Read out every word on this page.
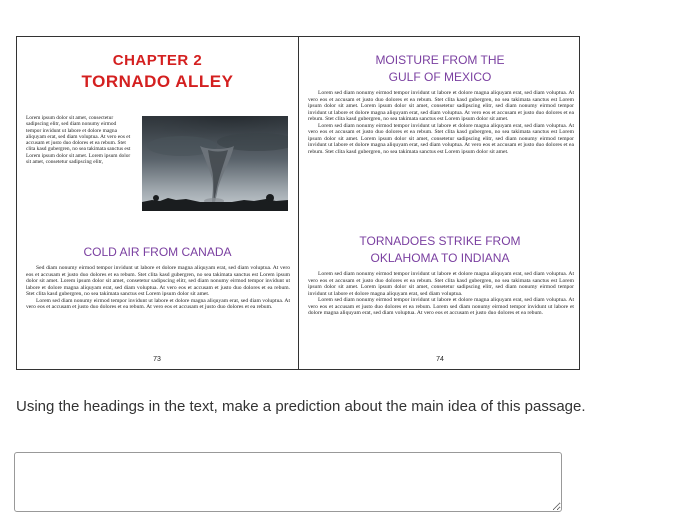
CHAPTER 2
TORNADO ALLEY

Lorem ipsum dolor sit amet, consectetur sadipscing elitr, sed diam nonumy eirmod tempor invidunt ut labore et dolore magna aliquyam erat, sed diam voluptua. At vero eos et accusam et justo duo dolores et ea rebum. Stet clita kasd gubergren, no sea takimata sanctus est Lorem ipsum dolor sit amet. Lorem ipsum dolor sit amet, consetetur sadipscing elitr,

COLD AIR FROM CANADA

Sed diam nonumy eirmod tempor invidunt ut labore et dolore magna aliquyam erat, sed diam voluptua. At vero eos et accusam et justo duo dolores et ea rebum. Stet clita kasd gubergren, no sea takimata sanctus est Lorem ipsum dolor sit amet. Lorem ipsum dolor sit amet, consetetur sadipscing elitr, sed diam nonumy eirmod tempor invidunt ut labore et dolore magna aliquyam erat, sed diam voluptua. At vero eos et accusam et justo duo dolores et ea rebum. Stet clita kasd gubergren, no sea takimata sanctus est Lorem ipsum dolor sit amet.

Lorem sed diam nonumy eirmod tempor invidunt ut labore et dolore magna aliquyam erat, sed diam voluptua. At vero eos et accusam et justo duo dolores et ea rebum. At vero eos et accusam et justo duo dolores et ea rebum.

73
MOISTURE FROM THE
GULF OF MEXICO

Lorem sed diam nonumy eirmod tempor invidunt ut labore et dolore magna aliquyam erat, sed diam voluptua. At vero eos et accusam et justo duo dolores et ea rebum. Stet clita kasd gubergren, no sea takimata sanctus est Lorem ipsum dolor sit amet. Lorem ipsum dolor sit amet, consetetur sadipscing elitr, sed diam nonumy eirmod tempor invidunt ut labore et dolore magna aliquyam erat, sed diam voluptua. At vero eos et accusam et justo duo dolores et ea rebum. Stet clita kasd gubergren, no sea takimata sanctus est Lorem ipsum dolor sit amet.

Lorem sed diam nonumy eirmod tempor invidunt ut labore et dolore magna aliquyam erat, sed diam voluptua. At vero eos et accusam et justo duo dolores et ea rebum. Stet clita kasd gubergren, no sea takimata sanctus est Lorem ipsum dolor sit amet. Lorem ipsum dolor sit amet, consetetur sadipscing elitr, sed diam nonumy eirmod tempor invidunt ut labore et dolore magna aliquyam erat, sed diam voluptua. At vero eos et accusam et justo duo dolores et ea rebum. Stet clita kasd gubergren, no sea takimata sanctus est Lorem ipsum dolor sit amet.

TORNADOES STRIKE FROM
OKLAHOMA TO INDIANA

Lorem sed diam nonumy eirmod tempor invidunt ut labore et dolore magna aliquyam erat, sed diam voluptua. At vero eos et accusam et justo duo dolores et ea rebum. Stet clita kasd gubergren, no sea takimata sanctus est Lorem ipsum dolor sit amet. Lorem ipsum dolor sit amet, consetetur sadipscing elitr, sed diam nonumy eirmod tempor invidunt ut labore et dolore magna aliquyam erat, sed diam voluptua.

Lorem sed diam nonumy eirmod tempor invidunt ut labore et dolore magna aliquyam erat, sed diam voluptua. At vero eos et accusam et justo duo dolores et ea rebum. Lorem sed diam nonumy eirmod tempor invidunt ut labore et dolore magna aliquyam erat, sed diam voluptua. At vero eos et accusam et justo duo dolores et ea rebum.

74
Using the headings in the text, make a prediction about the main idea of this passage.
